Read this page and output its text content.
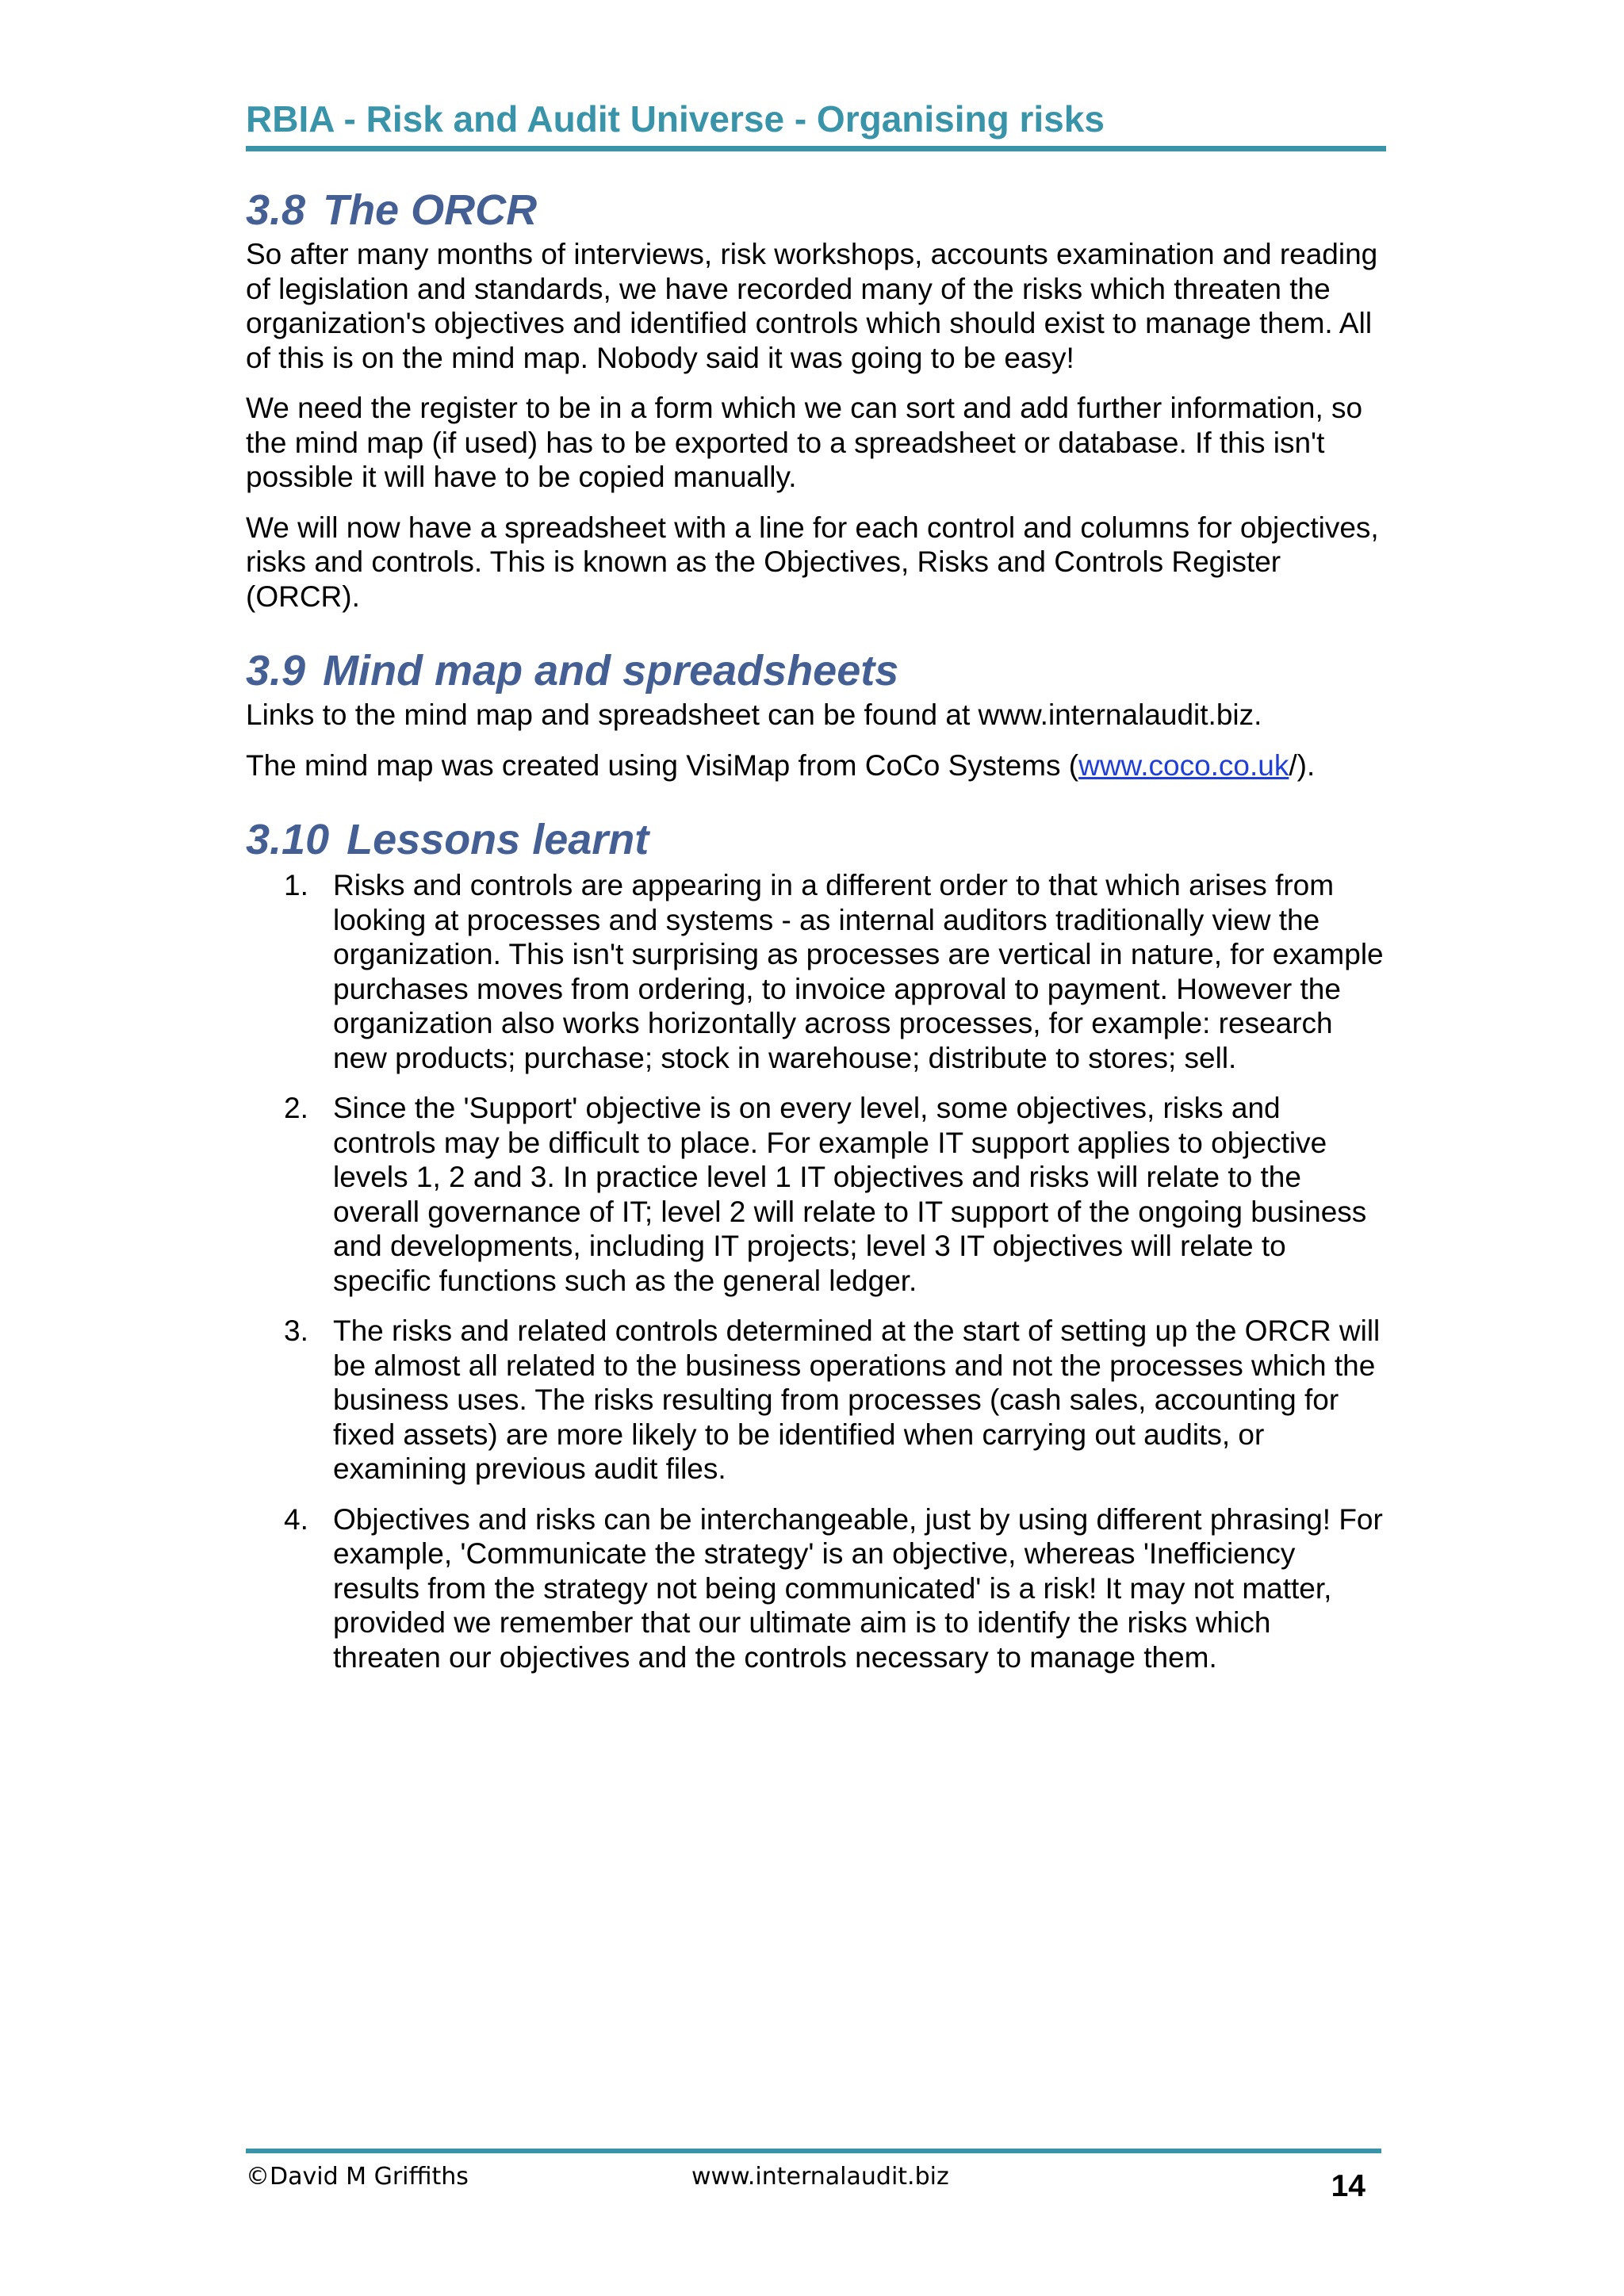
RBIA - Risk and Audit Universe - Organising risks
3.8 The ORCR

So after many months of interviews, risk workshops, accounts examination and reading of legislation and standards, we have recorded many of the risks which threaten the organization's objectives and identified controls which should exist to manage them. All of this is on the mind map. Nobody said it was going to be easy!

We need the register to be in a form which we can sort and add further information, so the mind map (if used) has to be exported to a spreadsheet or database. If this isn't possible it will have to be copied manually.

We will now have a spreadsheet with a line for each control and columns for objectives, risks and controls. This is known as the Objectives, Risks and Controls Register (ORCR).

3.9 Mind map and spreadsheets

Links to the mind map and spreadsheet can be found at www.internalaudit.biz.

The mind map was created using VisiMap from CoCo Systems (www.coco.co.uk/).

3.10 Lessons learnt
1. Risks and controls are appearing in a different order to that which arises from looking at processes and systems - as internal auditors traditionally view the organization. This isn't surprising as processes are vertical in nature, for example purchases moves from ordering, to invoice approval to payment. However the organization also works horizontally across processes, for example: research new products; purchase; stock in warehouse; distribute to stores; sell.
2. Since the 'Support' objective is on every level, some objectives, risks and controls may be difficult to place. For example IT support applies to objective levels 1, 2 and 3. In practice level 1 IT objectives and risks will relate to the overall governance of IT; level 2 will relate to IT support of the ongoing business and developments, including IT projects; level 3 IT objectives will relate to specific functions such as the general ledger.
3. The risks and related controls determined at the start of setting up the ORCR will be almost all related to the business operations and not the processes which the business uses. The risks resulting from processes (cash sales, accounting for fixed assets) are more likely to be identified when carrying out audits, or examining previous audit files.
4. Objectives and risks can be interchangeable, just by using different phrasing! For example, 'Communicate the strategy' is an objective, whereas 'Inefficiency results from the strategy not being communicated' is a risk! It may not matter, provided we remember that our ultimate aim is to identify the risks which threaten our objectives and the controls necessary to manage them.
©David M Griffiths	www.internalaudit.biz	14
